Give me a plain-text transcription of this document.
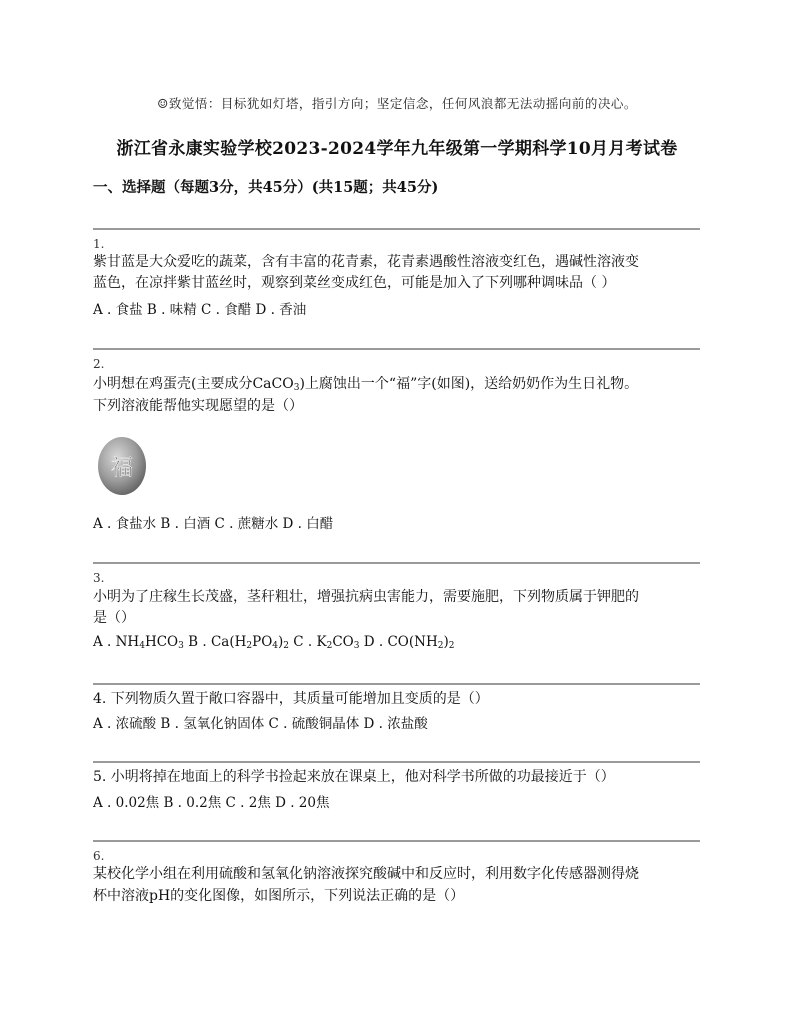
☺致觉悟：目标犹如灯塔，指引方向；坚定信念，任何风浪都无法动摇向前的决心。
浙江省永康实验学校2023-2024学年九年级第一学期科学10月月考试卷
一、选择题（每题3分，共45分）(共15题；共45分)
1.
紫甘蓝是大众爱吃的蔬菜，含有丰富的花青素，花青素遇酸性溶液变红色，遇碱性溶液变
蓝色，在凉拌紫甘蓝丝时，观察到菜丝变成红色，可能是加入了下列哪种调味品（ ）
A . 食盐 B . 味精 C . 食醋 D . 香油
2.
小明想在鸡蛋壳(主要成分CaCO$_3$)上腐蚀出一个“福”字(如图)，送给奶奶作为生日礼物。
下列溶液能帮他实现愿望的是（）
福
A . 食盐水 B . 白酒 C . 蔗糖水 D . 白醋
3.
小明为了庄稼生长茂盛，茎秆粗壮，增强抗病虫害能力，需要施肥，下列物质属于钾肥的
是（）
A . $NH_4HCO_3$ B . $Ca(H_2PO_4)_2$ C . $K_2CO_3$ D . $CO(NH_2)_2$
4. 下列物质久置于敞口容器中，其质量可能增加且变质的是（）
A . 浓硫酸 B . 氢氧化钠固体 C . 硫酸铜晶体 D . 浓盐酸
5. 小明将掉在地面上的科学书捡起来放在课桌上，他对科学书所做的功最接近于（）
A . 0.02焦 B . 0.2焦 C . 2焦 D . 20焦
6.
某校化学小组在利用硫酸和氢氧化钠溶液探究酸碱中和反应时，利用数字化传感器测得烧
杯中溶液pH的变化图像，如图所示，下列说法正确的是（）
